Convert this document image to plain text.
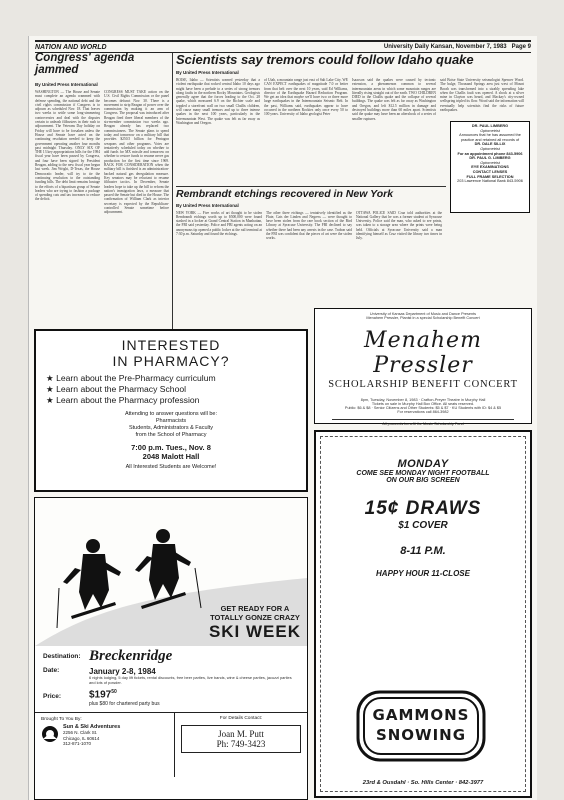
NATION AND WORLD	University Daily Kansan, November 7, 1983 Page 9
Congress' agenda jammed
By United Press International
WASHINGTON — The House and Senate must complete an agenda crammed with defense spending, the national debt and the civil rights commission if Congress is to adjourn as scheduled Nov. 18. That leaves two weeks to settle some long-simmering controversies and deal with the disputes certain to unleash filibusters in their rush to adjournment. The Veterans Day holiday on Friday will have to be forsaken unless the House and Senate have acted on the continuing resolution needed to keep the government operating another four months past midnight Thursday. ONLY SIX OF THE 13 key appropriations bills for the 1984 fiscal year have been passed by Congress, and four have been signed by President Reagan, adding to the new fiscal year begun last week. Jim Wright, D-Texas, the House Democratic leader, will try to tie the continuing resolution to the outstanding funding bills. The debt limit remains hostage to the efforts of a bipartisan group of Senate leaders who are trying to fashion a package of spending cuts and tax increases to reduce the deficit.
CONGRESS MUST TAKE action on the U.S. Civil Rights Commission or the panel becomes defunct Nov. 30. There is a movement to strip Reagan of power over the commission by making it an arm of Congress. The proposal was introduced after Reagan fired three liberal members of the six-member commission two weeks ago. Reagan already has replaced two commissioners. The Senate plans to spend today and tomorrow on a military bill that provides $250.5 billion for Pentagon weapons and other programs. Votes are tentatively scheduled today on whether to add funds for MX missile and tomorrow on whether to restore funds to resume nerve gas production for the first time since 1969. BACK FOR CONSIDERATION when the military bill is finished is an administration-backed natural gas deregulation measure. Key senators may be reluctant to resume filibuster tactics. In December, Senate leaders hope to take up the bill to reform the nation's immigration laws, a measure that passed the Senate but died in the House. The confirmation of William Clark as interior secretary is expected by the Republican-controlled Senate sometime before adjournment.
Scientists say tremors could follow Idaho quake
By United Press International
BOISE, Idaho — Scientists warned yesterday that a violent earthquake that rocked central Idaho 10 days ago might have been a prelude to a series of strong tremors along faults in the northern Rocky Mountains. Geologists generally agree that the forces leading to the Oct. 28 quake, which measured 6.9 on the Richter scale and toppled a storefront wall on two small Challis children, will cause many small tremors and up to three intense quakes in the next 100 years, particularly in the Intermountain West. The quake was felt as far away as Washington and Oregon.
of Utah, a mountain range just east of Salt Lake City. WE CAN EXPECT earthquakes of magnitude 7.0 or better from that belt over the next 10 years, said Ed Williams, director of the Earthquake Hazard Reduction Program. We get an idea that maybe we'll have two or three more large earthquakes in the Intermountain Seismic Belt. In the past, Williams said, earthquakes appear to have occurred in the northern Rockies only once every 50 to 100 years. University of Idaho geologist Peter
Isaacson said the quakes were caused by tectonic extension, a phenomenon common to several intermountain areas in which some mountain ranges are literally rising straight out of the earth. TWO CHILDREN DIED in the Challis quake and the collapse of several buildings. The quake was felt as far away as Washington and Oregon, and left $12.5 million in damage and destroyed buildings more than 60 miles apart. Scientists said the quake may have been an aftershock of a series of smaller ruptures.
said Boise State University seismologist Spencer Wood. The bulge, Thousand Springs area just west of Mount Borah was transformed into a sizably spreading lake when the Challis fault was opened. A shock at a silver mine in Clayton was heard, and Mackay's city-owned wellspring tripled its flow. Wood said the information will eventually help scientists find the risks of future earthquakes.
DR. PAUL LIMBERG
Optometrist
Announces that he has assumed the practice and retained all records of
DR. DALE SILLIX
Optometrist
For an appointment phone 843-5906
DR. PAUL G. LIMBERG
Optometrist
EYE EXAMINATIONS
CONTACT LENSES
FULL FRAME SELECTION
203 Lawrence National Bank 843-5906
Rembrandt etchings recovered in New York
By United Press International
NEW YORK — Five works of art thought to be stolen Rembrandt etchings worth up to $500,000 were found stashed in a locker at Grand Central Station in Manhattan, the FBI said yesterday. Police and FBI agents acting on an anonymous tip opened a public locker at the rail terminal at 7:30 p.m. Saturday and found the etchings.
The other three etchings — tentatively identified as the Flute, Cats der Linden and Negress — were thought to have been stolen from the rare book section of the Bird Library at Syracuse University. The FBI declined to say whether there had been any arrests in the case. Trabon said the FBI was confident that the pieces of art were the stolen works.
OTTAWA POLICE SAID Cruz told authorities at the National Gallery that he was a former student at Syracuse University. Police said the man, who asked to see prints, was taken to a storage area where the prints were being held. Officials at Syracuse University said a man identifying himself as Cruz visited the library two times in July.
University of Kansas Department of Music and Dance Presents
Menahem Pressler, Pianist in a special Scholarship Benefit Concert
Menahem Pressler
SCHOLARSHIP BENEFIT CONCERT
8pm, Tuesday, November 8, 1983 · Crafton-Preyer Theatre in Murphy Hall
Tickets on sale in Murphy Hall Box Office. All seats reserved.
Public: $6 & $8 · Senior Citizens and Other Students: $5 & $7 · KU Students with ID: $4 & $5
For reservations call 864-3982
All proceeds benefit the Music Scholarship Fund
INTERESTED
IN PHARMACY?
★ Learn about the Pre-Pharmacy curriculum
★ Learn about the Pharmacy School
★ Learn about the Pharmacy profession
Attending to answer questions will be:
Pharmacists
Students, Administrators & Faculty
from the School of Pharmacy
7:00 p.m. Tues., Nov. 8
2048 Malott Hall
All Interested Students are Welcome!
GET READY FOR A
TOTALLY GONZE CRAZY
SKI WEEK
Destination: Breckenridge
Date:	January 2-8, 1984
6 nights lodging, 5 day lift tickets, rental discounts, free beer parties, live bands, wine & cheese parties, jacuzzi parties and lots of powder.
Price:	$\$197^{50}$
plus $80 for chartered party bus
Brought To You By:
Sun & Ski Adventures
2256 N. Clark St.
Chicago, IL 60614
312-871-1070
For Details Contact:
Joan M. Putt
Ph: 749-3423
MONDAY
COME SEE MONDAY NIGHT FOOTBALL
ON OUR BIG SCREEN
15¢ DRAWS
$1 COVER
8-11 P.M.
HAPPY HOUR 11-CLOSE
GAMMONS
SNOWING
23rd & Ousdahl · So. Hills Center · 842-3977
